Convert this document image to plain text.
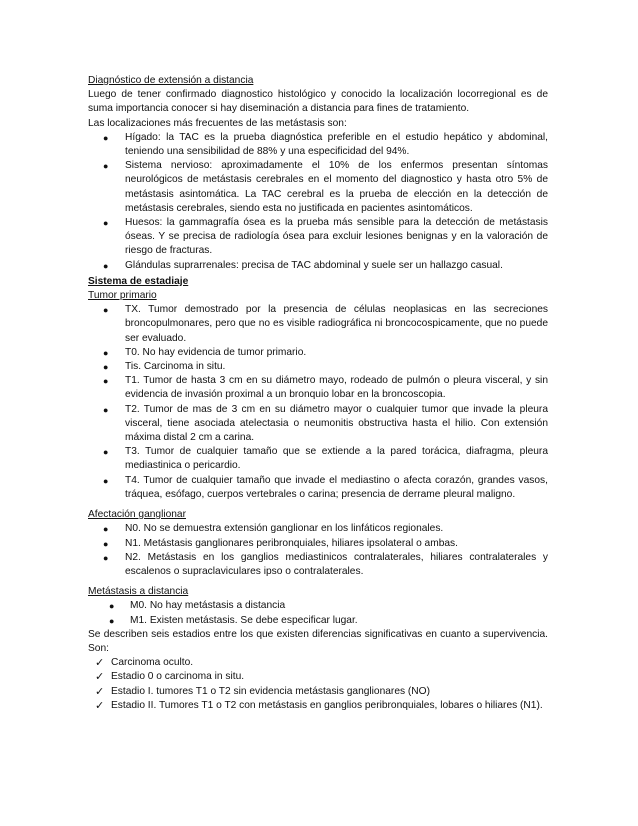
Diagnóstico de extensión a distancia

Luego de tener confirmado diagnostico histológico y conocido la localización locorregional es de suma importancia conocer si hay diseminación a distancia para fines de tratamiento.

Las localizaciones más frecuentes de las metástasis son:

● Hígado: la TAC es la prueba diagnóstica preferible en el estudio hepático y abdominal, teniendo una sensibilidad de 88% y una especificidad del 94%.
● Sistema nervioso: aproximadamente el 10% de los enfermos presentan síntomas neurológicos de metástasis cerebrales en el momento del diagnostico y hasta otro 5% de metástasis asintomática. La TAC cerebral es la prueba de elección en la detección de metástasis cerebrales, siendo esta no justificada en pacientes asintomáticos.
● Huesos: la gammagrafía ósea es la prueba más sensible para la detección de metástasis óseas. Y se precisa de radiología ósea para excluir lesiones benignas y en la valoración de riesgo de fracturas.
● Glándulas suprarrenales: precisa de TAC abdominal y suele ser un hallazgo casual.

Sistema de estadiaje

Tumor primario

● TX. Tumor demostrado por la presencia de células neoplasicas en las secreciones broncopulmonares, pero que no es visible radiográfica ni broncocospicamente, que no puede ser evaluado.
● T0. No hay evidencia de tumor primario.
● Tis. Carcinoma in situ.
● T1. Tumor de hasta 3 cm en su diámetro mayo, rodeado de pulmón o pleura visceral, y sin evidencia de invasión proximal a un bronquio lobar en la broncoscopia.
● T2. Tumor de mas de 3 cm en su diámetro mayor o cualquier tumor que invade la pleura visceral, tiene asociada atelectasia o neumonitis obstructiva hasta el hilio. Con extensión máxima distal 2 cm a carina.
● T3. Tumor de cualquier tamaño que se extiende a la pared torácica, diafragma, pleura mediastinica o pericardio.
● T4. Tumor de cualquier tamaño que invade el mediastino o afecta corazón, grandes vasos, tráquea, esófago, cuerpos vertebrales o carina; presencia de derrame pleural maligno.

Afectación ganglionar

● N0. No se demuestra extensión ganglionar en los linfáticos regionales.
● N1. Metástasis ganglionares peribronquiales, hiliares ipsolateral o ambas.
● N2. Metástasis en los ganglios mediastinicos contralaterales, hiliares contralaterales y escalenos o supraclaviculares ipso o contralaterales.

Metástasis a distancia

● M0. No hay metástasis a distancia
● M1. Existen metástasis. Se debe especificar lugar.

Se describen seis estadios entre los que existen diferencias significativas en cuanto a supervivencia. Son:

✓ Carcinoma oculto.
✓ Estadio 0 o carcinoma in situ.
✓ Estadio I. tumores T1 o T2 sin evidencia metástasis ganglionares (NO)
✓ Estadio II. Tumores T1 o T2 con metástasis en ganglios peribronquiales, lobares o hiliares (N1).
